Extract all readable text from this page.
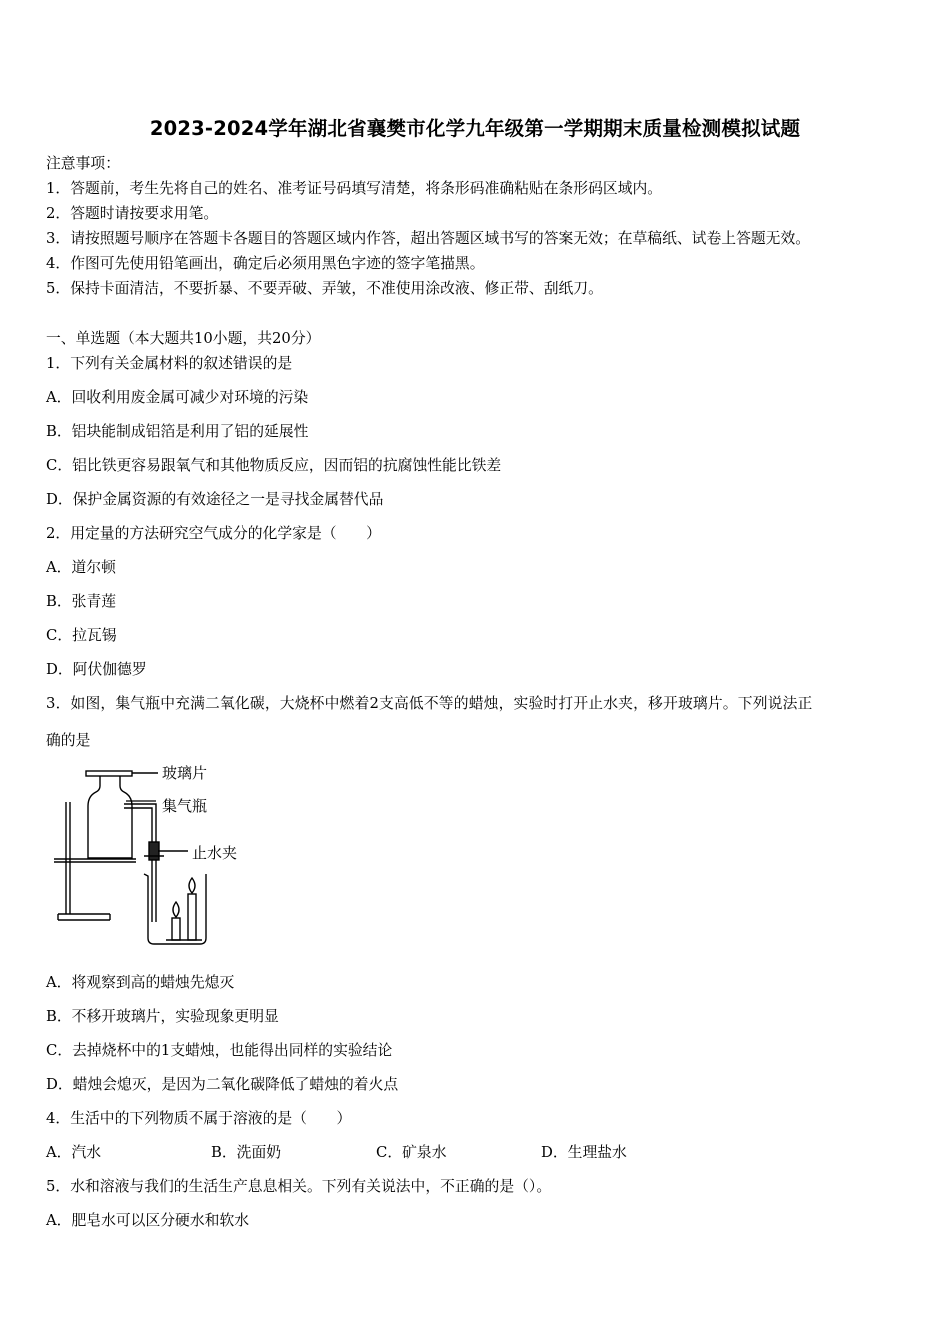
2023-2024学年湖北省襄樊市化学九年级第一学期期末质量检测模拟试题
注意事项：
1．答题前，考生先将自己的姓名、准考证号码填写清楚，将条形码准确粘贴在条形码区域内。
2．答题时请按要求用笔。
3．请按照题号顺序在答题卡各题目的答题区域内作答，超出答题区域书写的答案无效；在草稿纸、试卷上答题无效。
4．作图可先使用铅笔画出，确定后必须用黑色字迹的签字笔描黑。
5．保持卡面清洁，不要折暴、不要弄破、弄皱，不准使用涂改液、修正带、刮纸刀。
一、单选题（本大题共10小题，共20分）
1．下列有关金属材料的叙述错误的是
A．回收利用废金属可减少对环境的污染
B．铝块能制成铝箔是利用了铝的延展性
C．铝比铁更容易跟氧气和其他物质反应，因而铝的抗腐蚀性能比铁差
D．保护金属资源的有效途径之一是寻找金属替代品
2．用定量的方法研究空气成分的化学家是（　　）
A．道尔顿
B．张青莲
C．拉瓦锡
D．阿伏伽德罗
3．如图，集气瓶中充满二氧化碳，大烧杯中燃着2支高低不等的蜡烛，实验时打开止水夹，移开玻璃片。下列说法正
确的是
玻璃片
集气瓶
止水夹
A．将观察到高的蜡烛先熄灭
B．不移开玻璃片，实验现象更明显
C．去掉烧杯中的1支蜡烛，也能得出同样的实验结论
D．蜡烛会熄灭，是因为二氧化碳降低了蜡烛的着火点
4．生活中的下列物质不属于溶液的是（　　）
A．汽水	B．洗面奶	C．矿泉水	D．生理盐水
5．水和溶液与我们的生活生产息息相关。下列有关说法中，不正确的是（）。
A．肥皂水可以区分硬水和软水
